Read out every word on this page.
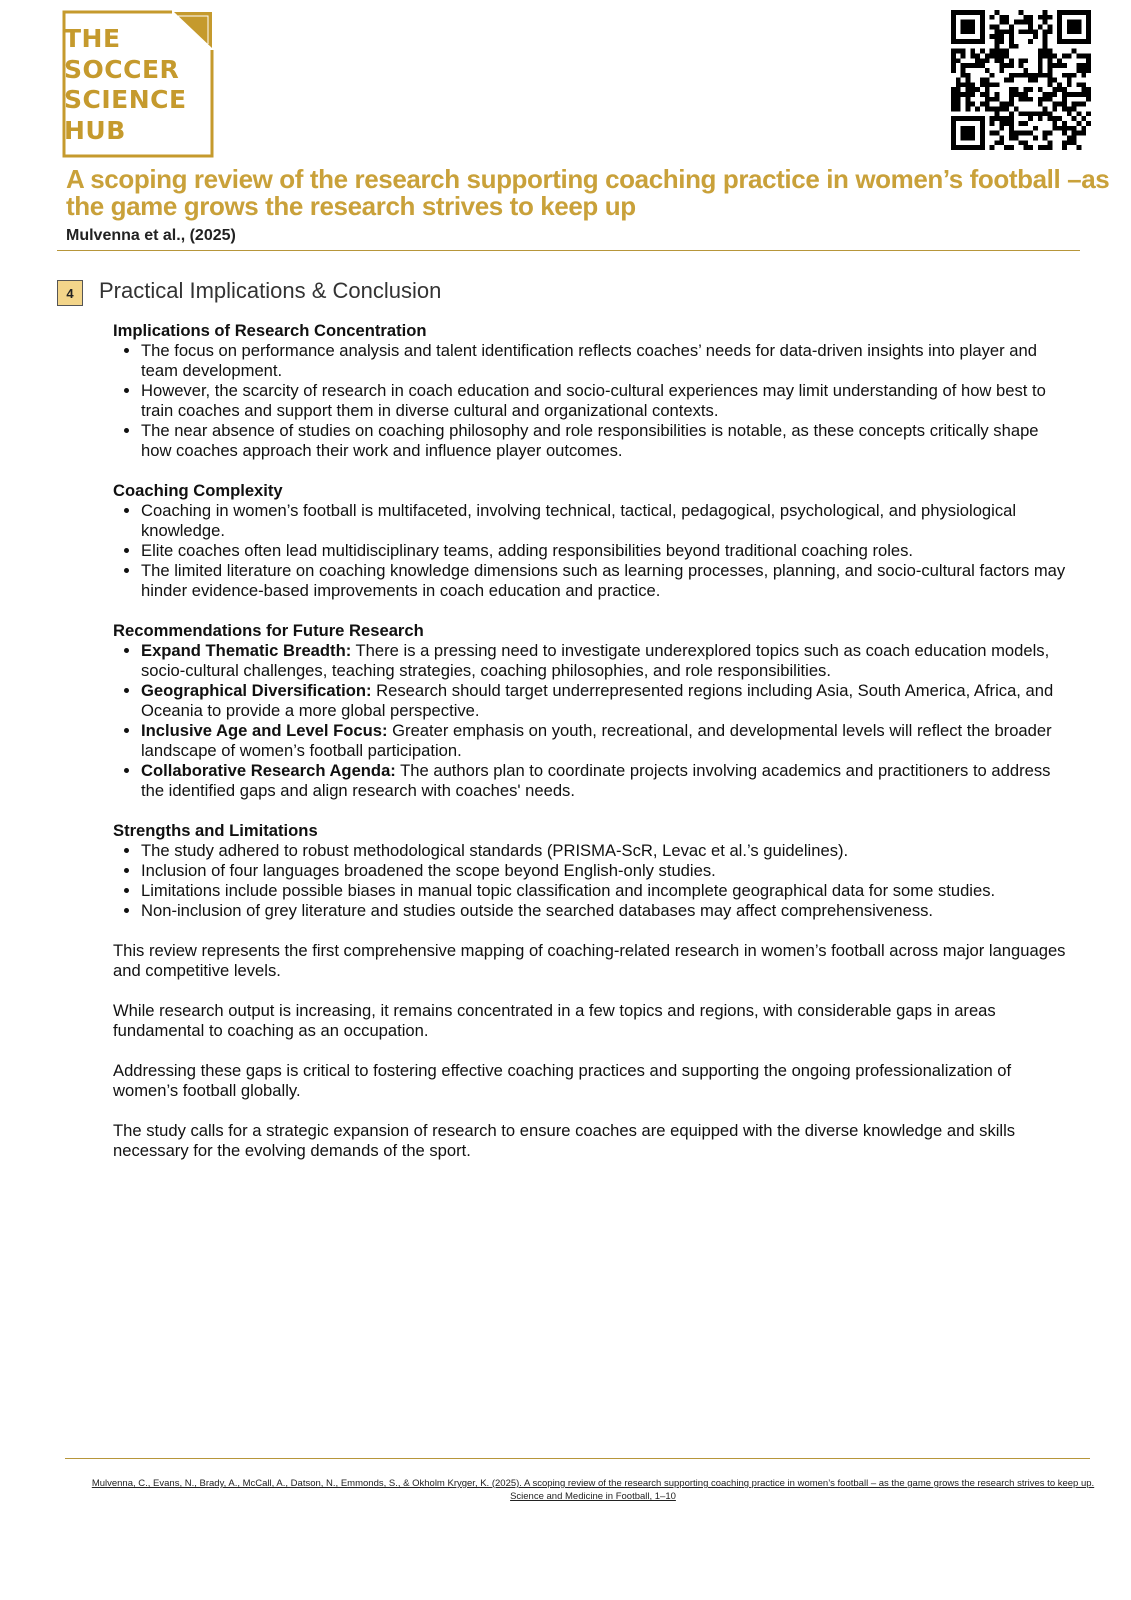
THE
SOCCER
SCIENCE
HUB
A scoping review of the research supporting coaching practice in women’s football –as the game grows the research strives to keep up
Mulvenna et al., (2025)
4	Practical Implications & Conclusion
Implications of Research Concentration
• The focus on performance analysis and talent identification reflects coaches’ needs for data-driven insights into player and team development.
• However, the scarcity of research in coach education and socio-cultural experiences may limit understanding of how best to train coaches and support them in diverse cultural and organizational contexts.
• The near absence of studies on coaching philosophy and role responsibilities is notable, as these concepts critically shape how coaches approach their work and influence player outcomes.
Coaching Complexity
• Coaching in women’s football is multifaceted, involving technical, tactical, pedagogical, psychological, and physiological knowledge.
• Elite coaches often lead multidisciplinary teams, adding responsibilities beyond traditional coaching roles.
• The limited literature on coaching knowledge dimensions such as learning processes, planning, and socio-cultural factors may hinder evidence-based improvements in coach education and practice.
Recommendations for Future Research
• Expand Thematic Breadth: There is a pressing need to investigate underexplored topics such as coach education models, socio-cultural challenges, teaching strategies, coaching philosophies, and role responsibilities.
• Geographical Diversification: Research should target underrepresented regions including Asia, South America, Africa, and Oceania to provide a more global perspective.
• Inclusive Age and Level Focus: Greater emphasis on youth, recreational, and developmental levels will reflect the broader landscape of women’s football participation.
• Collaborative Research Agenda: The authors plan to coordinate projects involving academics and practitioners to address the identified gaps and align research with coaches' needs.
Strengths and Limitations
• The study adhered to robust methodological standards (PRISMA-ScR, Levac et al.’s guidelines).
• Inclusion of four languages broadened the scope beyond English-only studies.
• Limitations include possible biases in manual topic classification and incomplete geographical data for some studies.
• Non-inclusion of grey literature and studies outside the searched databases may affect comprehensiveness.

This review represents the first comprehensive mapping of coaching-related research in women’s football across major languages and competitive levels.

While research output is increasing, it remains concentrated in a few topics and regions, with considerable gaps in areas fundamental to coaching as an occupation.

Addressing these gaps is critical to fostering effective coaching practices and supporting the ongoing professionalization of women’s football globally.

The study calls for a strategic expansion of research to ensure coaches are equipped with the diverse knowledge and skills necessary for the evolving demands of the sport.

Mulvenna, C., Evans, N., Brady, A., McCall, A., Datson, N., Emmonds, S., & Okholm Kryger, K. (2025). A scoping review of the research supporting coaching practice in women’s football – as the game grows the research strives to keep up. Science and Medicine in Football, 1–10
